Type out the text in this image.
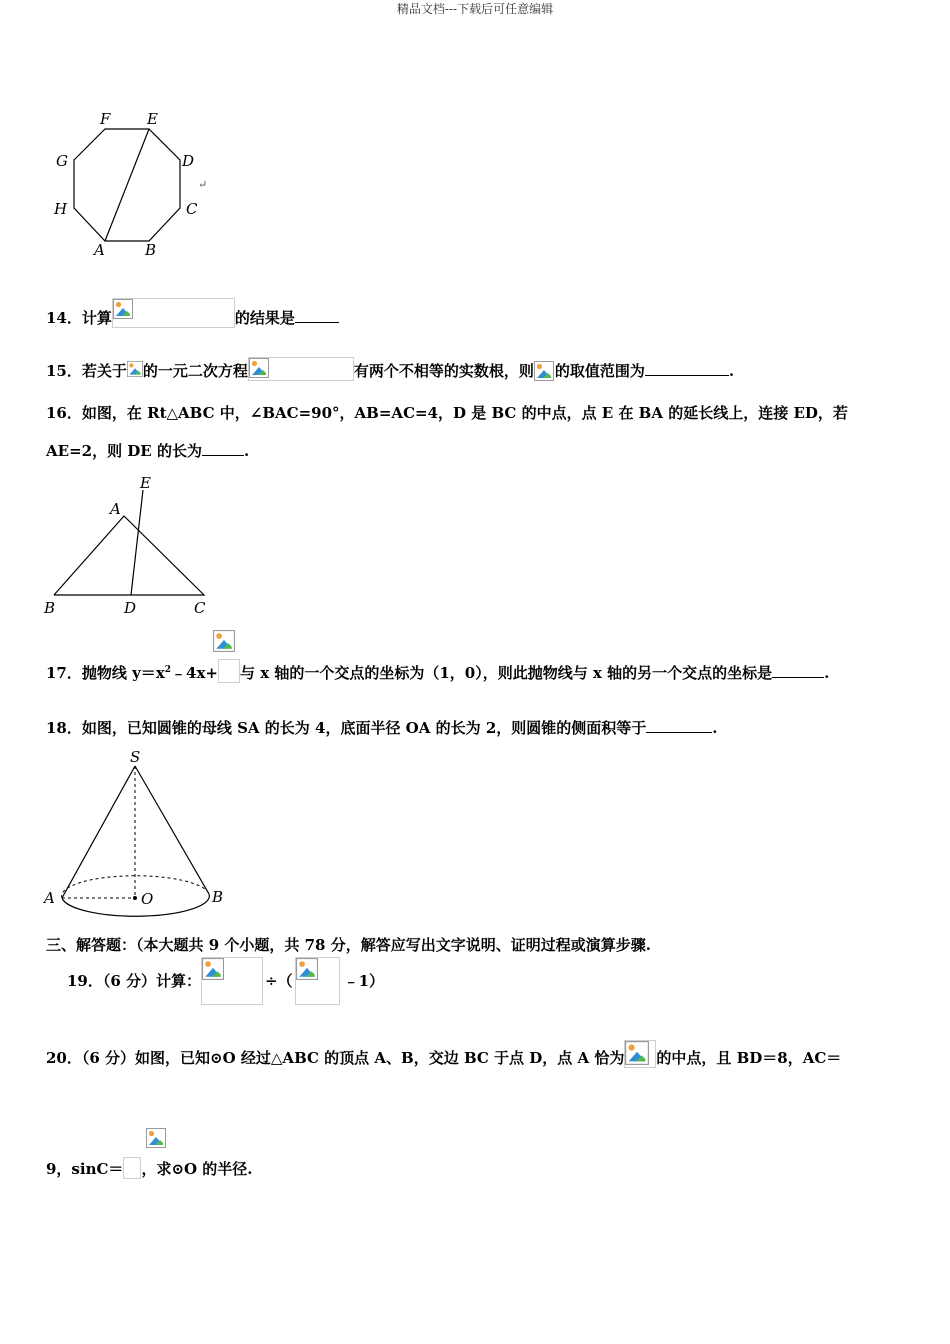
精品文档---下载后可任意编辑
F E
G	D
H	C
A	B
↵
14．计算	的结果是
15．若关于 的一元二次方程	有两个不相等的实数根，则 的取值范围为	.
16．如图，在 Rt△ABC 中，∠BAC=90°，AB=AC=4，D 是 BC 的中点，点 E 在 BA 的延长线上，连接 ED，若
AE=2，则 DE 的长为	.
E
A
B	D	C

17．抛物线 $y=x^2﹣4x+$ 与 x 轴的一个交点的坐标为（1，0），则此抛物线与 x 轴的另一个交点的坐标是	.
18．如图，已知圆锥的母线 SA 的长为 4，底面半径 OA 的长为 2，则圆锥的侧面积等于	.
S
A	O	B
三、解答题：（本大题共 9 个小题，共 78 分，解答应写出文字说明、证明过程或演算步骤.
19．（6 分）计算：	÷（	﹣1）
20．（6 分）如图，已知⊙O 经过△ABC 的顶点 A、B，交边 BC 于点 D，点 A 恰为 的中点，且 BD＝8，AC＝
9，sinC＝ ，求⊙O 的半径.
